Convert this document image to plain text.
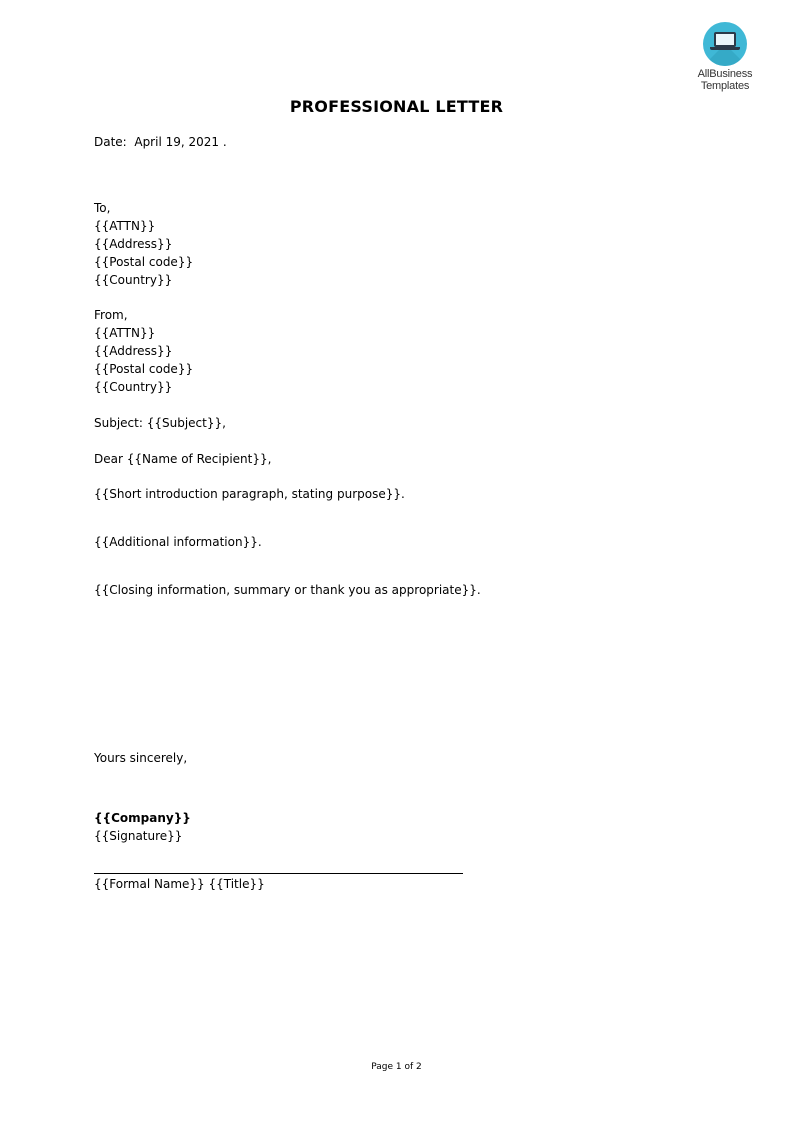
AllBusiness
Templates
PROFESSIONAL LETTER
Date:  April 19, 2021 .
To,
{{ATTN}}
{{Address}}
{{Postal code}}
{{Country}}
From,
{{ATTN}}
{{Address}}
{{Postal code}}
{{Country}}
Subject: {{Subject}},
Dear {{Name of Recipient}},
{{Short introduction paragraph, stating purpose}}.
{{Additional information}}.
{{Closing information, summary or thank you as appropriate}}.
Yours sincerely,
{{Company}}
{{Signature}}
{{Formal Name}} {{Title}}
Page 1 of 2
